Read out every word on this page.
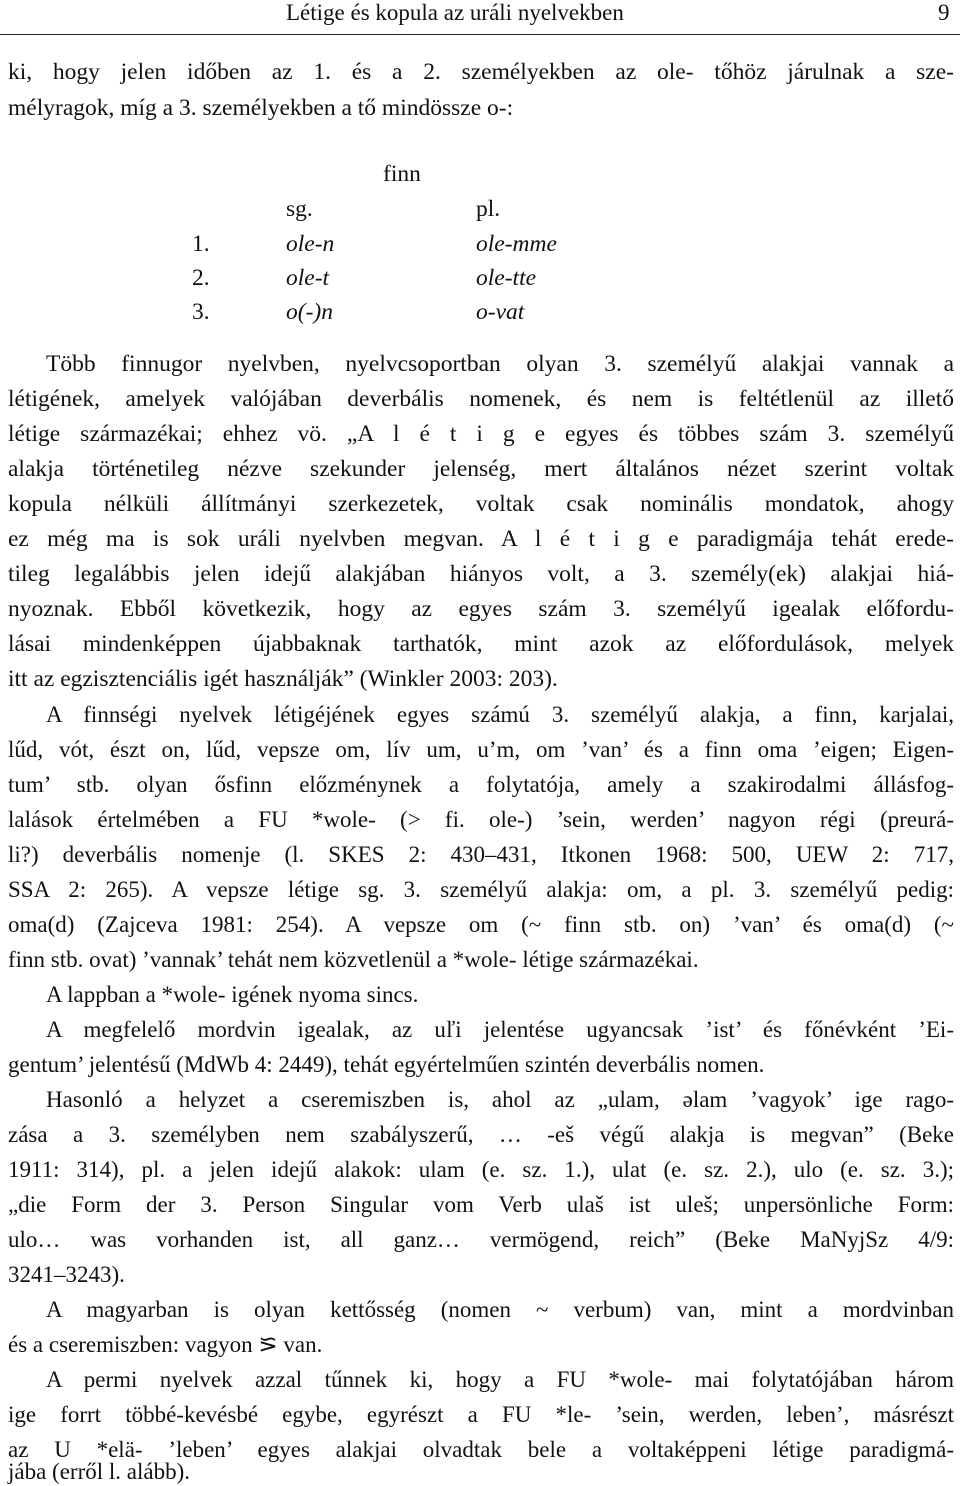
Létige és kopula az uráli nyelvekben	9
ki, hogy jelen időben az 1. és a 2. személyekben az ole- tőhöz járulnak a sze-
mélyragok, míg a 3. személyekben a tő mindössze o-:
finn
sg.	pl.
1.	ole-n	ole-mme
2.	ole-t	ole-tte
3.	o(-)n	o-vat
Több finnugor nyelvben, nyelvcsoportban olyan 3. személyű alakjai vannak a
létigének, amelyek valójában deverbális nomenek, és nem is feltétlenül az illető
létige származékai; ehhez vö. „A l é t i g e egyes és többes szám 3. személyű
alakja történetileg nézve szekunder jelenség, mert általános nézet szerint voltak
kopula nélküli állítmányi szerkezetek, voltak csak nominális mondatok, ahogy
ez még ma is sok uráli nyelvben megvan. A l é t i g e paradigmája tehát erede-
tileg legalábbis jelen idejű alakjában hiányos volt, a 3. személy(ek) alakjai hiá-
nyoznak. Ebből következik, hogy az egyes szám 3. személyű igealak előfordu-
lásai mindenképpen újabbaknak tarthatók, mint azok az előfordulások, melyek
itt az egzisztenciális igét használják” (Winkler 2003: 203).
A finnségi nyelvek létigéjének egyes számú 3. személyű alakja, a finn, karjalai,
lűd, vót, észt on, lűd, vepsze om, lív um, u’m, om ’van’ és a finn oma ’eigen; Eigen-
tum’ stb. olyan ősfinn előzménynek a folytatója, amely a szakirodalmi állásfog-
lalások értelmében a FU *wole- (> fi. ole-) ’sein, werden’ nagyon régi (preurá-
li?) deverbális nomenje (l. SKES 2: 430–431, Itkonen 1968: 500, UEW 2: 717,
SSA 2: 265). A vepsze létige sg. 3. személyű alakja: om, a pl. 3. személyű pedig:
oma(d) (Zajceva 1981: 254). A vepsze om (~ finn stb. on) ’van’ és oma(d) (~
finn stb. ovat) ’vannak’ tehát nem közvetlenül a *wole- létige származékai.
A lappban a *wole- igének nyoma sincs.
A megfelelő mordvin igealak, az uľi jelentése ugyancsak ’ist’ és főnévként ’Ei-
gentum’ jelentésű (MdWb 4: 2449), tehát egyértelműen szintén deverbális nomen.
Hasonló a helyzet a cseremiszben is, ahol az „ulam, ǝlam ’vagyok’ ige rago-
zása a 3. személyben nem szabályszerű, … -eš végű alakja is megvan” (Beke
1911: 314), pl. a jelen idejű alakok: ulam (e. sz. 1.), ulat (e. sz. 2.), ulo (e. sz. 3.);
„die Form der 3. Person Singular vom Verb ulaš ist uleš; unpersönliche Form:
ulo… was vorhanden ist, all ganz… vermögend, reich” (Beke MaNyjSz 4/9:
3241–3243).
A magyarban is olyan kettősség (nomen ~ verbum) van, mint a mordvinban
és a cseremiszben: vagyon ⪞ van.
A permi nyelvek azzal tűnnek ki, hogy a FU *wole- mai folytatójában három
ige forrt többé-kevésbé egybe, egyrészt a FU *le- ’sein, werden, leben’, másrészt
az U *elä- ’leben’ egyes alakjai olvadtak bele a voltaképpeni létige paradigmá-
jába (erről l. alább).
